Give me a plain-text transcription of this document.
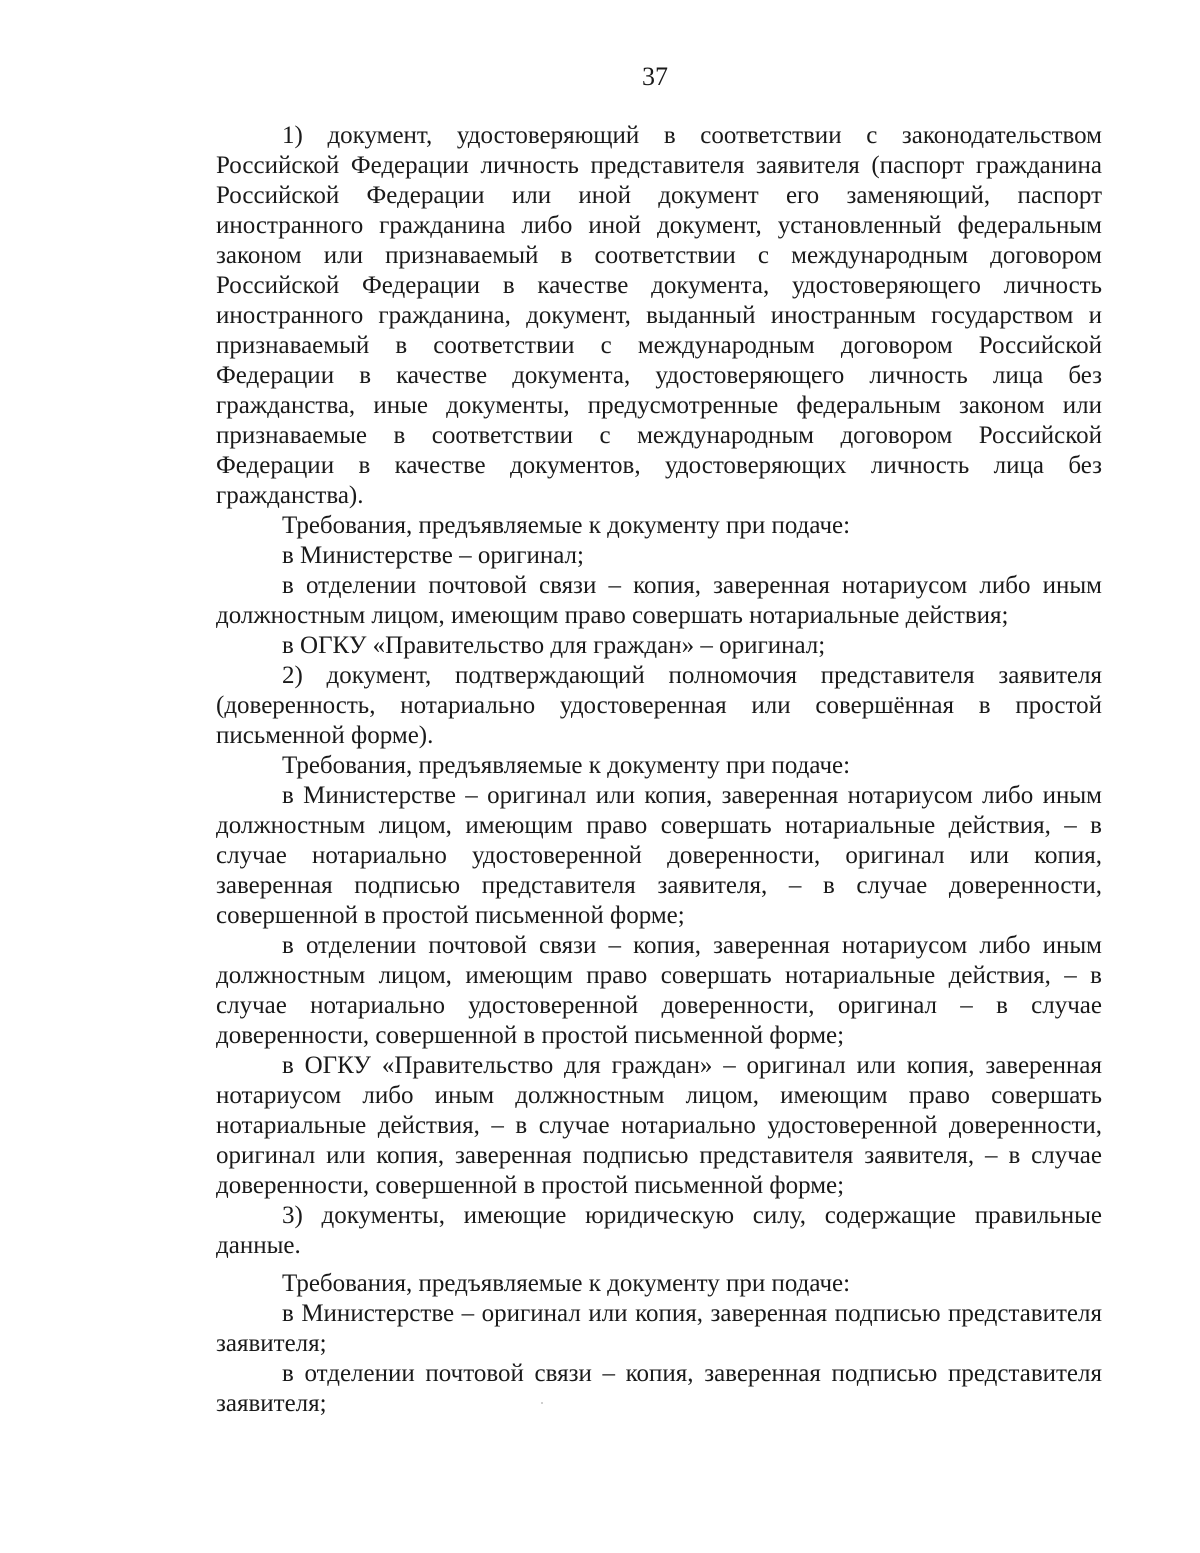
37

1) документ, удостоверяющий в соответствии с законодательством Российской Федерации личность представителя заявителя (паспорт гражданина Российской Федерации или иной документ его заменяющий, паспорт иностранного гражданина либо иной документ, установленный федеральным законом или признаваемый в соответствии с международным договором Российской Федерации в качестве документа, удостоверяющего личность иностранного гражданина, документ, выданный иностранным государством и признаваемый в соответствии с международным договором Российской Федерации в качестве документа, удостоверяющего личность лица без гражданства, иные документы, предусмотренные федеральным законом или признаваемые в соответствии с международным договором Российской Федерации в качестве документов, удостоверяющих личность лица без гражданства).

Требования, предъявляемые к документу при подаче:

в Министерстве – оригинал;

в отделении почтовой связи – копия, заверенная нотариусом либо иным должностным лицом, имеющим право совершать нотариальные действия;

в ОГКУ «Правительство для граждан» – оригинал;

2) документ, подтверждающий полномочия представителя заявителя (доверенность, нотариально удостоверенная или совершённая в простой письменной форме).

Требования, предъявляемые к документу при подаче:

в Министерстве – оригинал или копия, заверенная нотариусом либо иным должностным лицом, имеющим право совершать нотариальные действия, – в случае нотариально удостоверенной доверенности, оригинал или копия, заверенная подписью представителя заявителя, – в случае доверенности, совершенной в простой письменной форме;

в отделении почтовой связи – копия, заверенная нотариусом либо иным должностным лицом, имеющим право совершать нотариальные действия, – в случае нотариально удостоверенной доверенности, оригинал – в случае доверенности, совершенной в простой письменной форме;

в ОГКУ «Правительство для граждан» – оригинал или копия, заверенная нотариусом либо иным должностным лицом, имеющим право совершать нотариальные действия, – в случае нотариально удостоверенной доверенности, оригинал или копия, заверенная подписью представителя заявителя, – в случае доверенности, совершенной в простой письменной форме;

3) документы, имеющие юридическую силу, содержащие правильные данные.

Требования, предъявляемые к документу при подаче:

в Министерстве – оригинал или копия, заверенная подписью представителя заявителя;

в отделении почтовой связи – копия, заверенная подписью представителя заявителя;
